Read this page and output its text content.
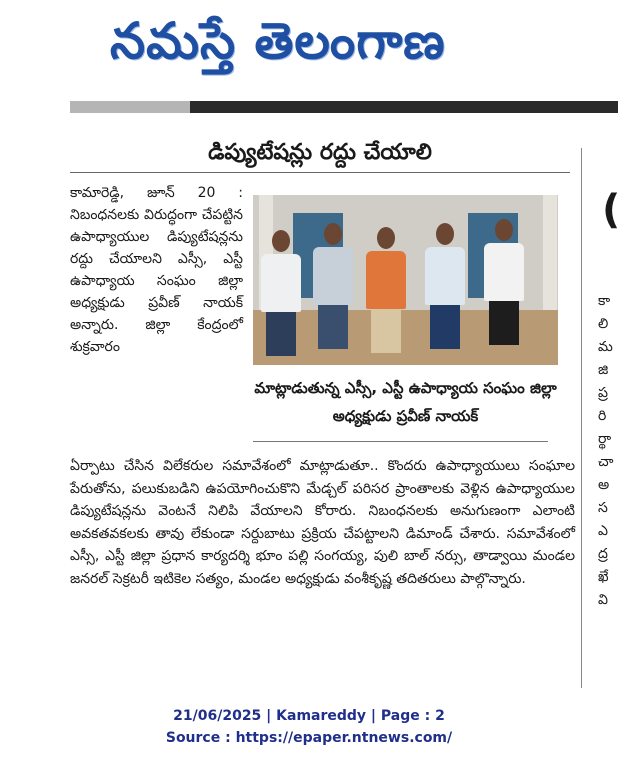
నమస్తే తెలంగాణ
డిప్యుటేషన్లు రద్దు చేయాలి
కామారెడ్డి, జూన్ 20 : నిబంధనలకు విరుద్ధంగా చేపట్టిన ఉపాధ్యాయుల డిప్యుటేషన్లను రద్దు చేయాలని ఎస్సీ, ఎస్టీ ఉపాధ్యాయ సంఘం జిల్లా అధ్యక్షుడు ప్రవీణ్ నాయక్ అన్నారు. జిల్లా కేంద్రంలో శుక్రవారం
మాట్లాడుతున్న ఎస్సీ, ఎస్టీ ఉపాధ్యాయ సంఘం జిల్లా అధ్యక్షుడు ప్రవీణ్ నాయక్
ఏర్పాటు చేసిన విలేకరుల సమావేశంలో మాట్లాడుతూ.. కొందరు ఉపాధ్యాయులు సంఘాల పేరుతోను, పలుకుబడిని ఉపయోగించుకొని మేడ్చల్ పరిసర ప్రాంతాలకు వెళ్లిన ఉపాధ్యాయుల డిప్యుటేషన్లను వెంటనే నిలిపి వేయాలని కోరారు. నిబంధనలకు అనుగుణంగా ఎలాంటి అవకతవకలకు తావు లేకుండా సర్దుబాటు ప్రక్రియ చేపట్టాలని డిమాండ్ చేశారు. సమావేశంలో ఎస్సీ, ఎస్టీ జిల్లా ప్రధాన కార్యదర్శి భూం పల్లి సంగయ్య, పులి బాల్ నర్సు, తాడ్వాయి మండల జనరల్ సెక్రటరీ ఇటికెల సత్యం, మండల అధ్యక్షుడు వంశీకృష్ణ తదితరులు పాల్గొన్నారు.
(
కా
లి
మ
జి
ప్ర
రి
ర్థా
చా
అ
స
ఎ
ద్ర
ఖే
వి
21/06/2025 | Kamareddy | Page : 2
Source : https://epaper.ntnews.com/
